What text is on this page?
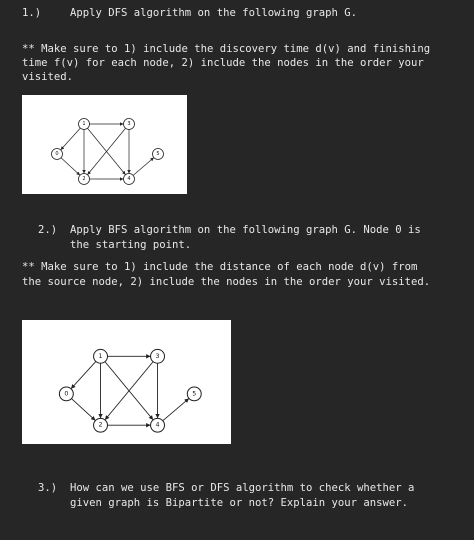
1.)	Apply DFS algorithm on the following graph G.
** Make sure to 1) include the discovery time d(v) and finishing
time f(v) for each node, 2) include the nodes in the order your
visited.
0
1
2
3
4
5
2.) Apply BFS algorithm on the following graph G. Node 0 is
the starting point.
** Make sure to 1) include the distance of each node d(v) from
the source node, 2) include the nodes in the order your visited.
0
1
2
3
4
5
3.) How can we use BFS or DFS algorithm to check whether a
given graph is Bipartite or not? Explain your answer.
